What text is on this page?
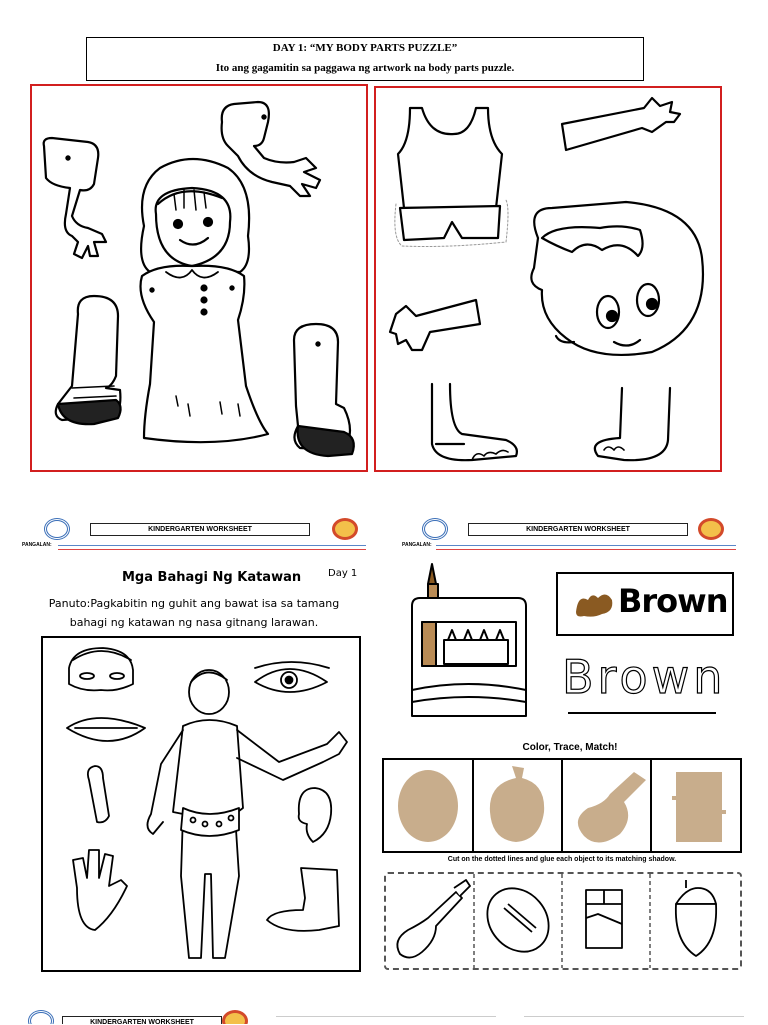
DAY 1: “MY BODY PARTS PUZZLE”
Ito ang gagamitin sa paggawa ng artwork na body parts puzzle.
KINDERGARTEN WORKSHEET
PANGALAN:
Mga Bahagi Ng Katawan	Day 1
Panuto:Pagkabitin ng guhit ang bawat isa sa tamang
bahagi ng katawan ng nasa gitnang larawan.
KINDERGARTEN WORKSHEET
PANGALAN:
Brown
Brown
Color, Trace, Match!
Cut on the dotted lines and glue each object to its matching shadow.
KINDERGARTEN WORKSHEET
